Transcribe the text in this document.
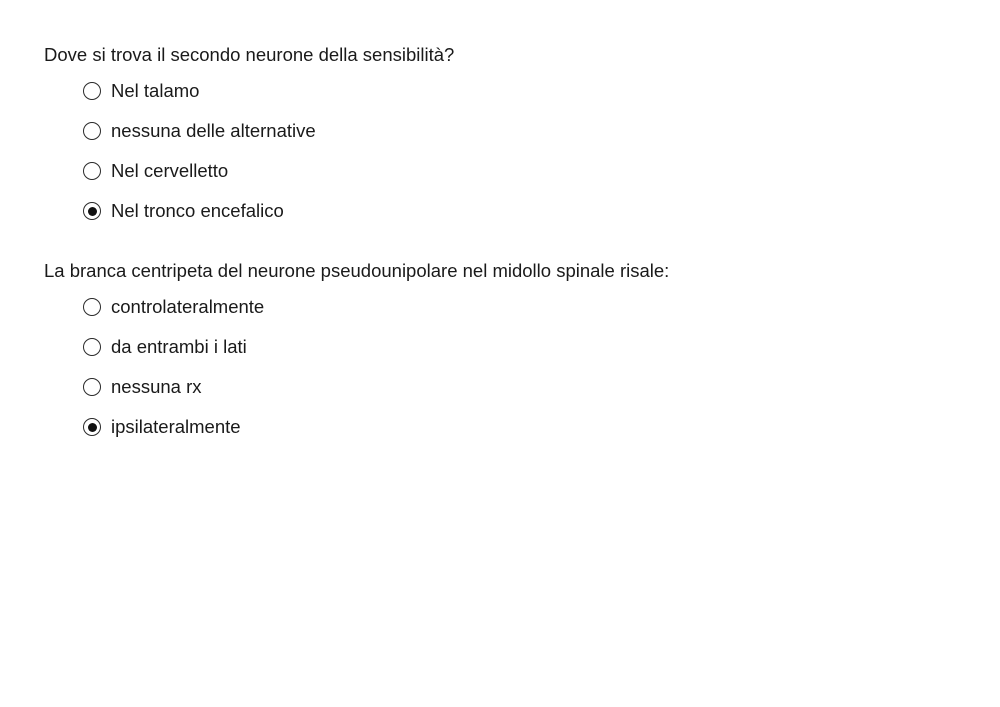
Dove si trova il secondo neurone della sensibilità?

Nel talamo
nessuna delle alternative
Nel cervelletto
Nel tronco encefalico

La branca centripeta del neurone pseudounipolare nel midollo spinale risale:

controlateralmente
da entrambi i lati
nessuna rx
ipsilateralmente
